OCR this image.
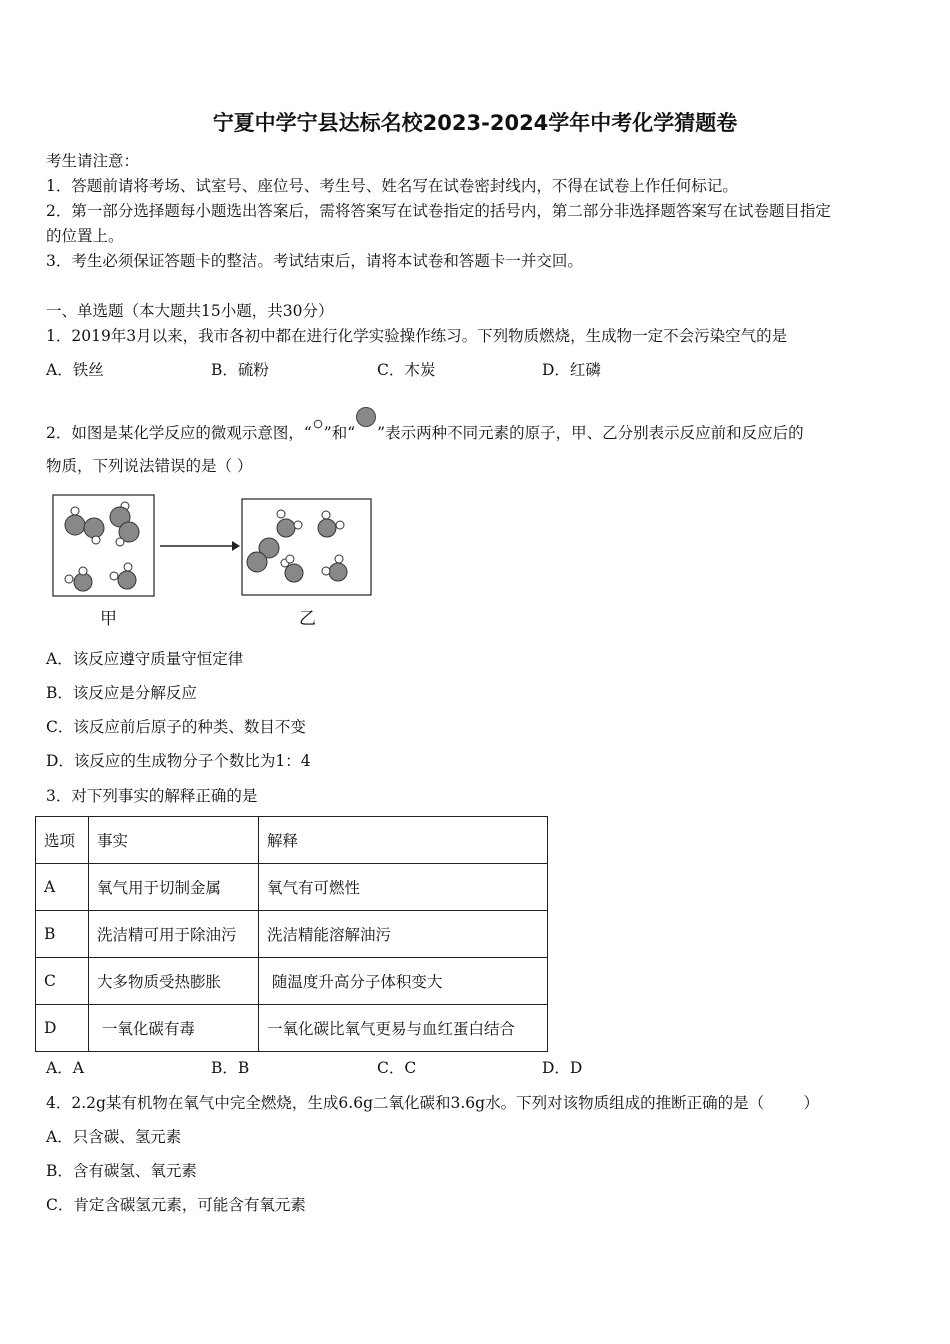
宁夏中学宁县达标名校2023-2024学年中考化学猜题卷
考生请注意：
1．答题前请将考场、试室号、座位号、考生号、姓名写在试卷密封线内，不得在试卷上作任何标记。
2．第一部分选择题每小题选出答案后，需将答案写在试卷指定的括号内，第二部分非选择题答案写在试卷题目指定
的位置上。
3．考生必须保证答题卡的整洁。考试结束后，请将本试卷和答题卡一并交回。
一、单选题（本大题共15小题，共30分）
1．2019年3月以来，我市各初中都在进行化学实验操作练习。下列物质燃烧，生成物一定不会污染空气的是
A．铁丝	B．硫粉	C．木炭	D．红磷
2．如图是某化学反应的微观示意图，“ ”和“ ”表示两种不同元素的原子，甲、乙分别表示反应前和反应后的
物质，下列说法错误的是（ ）
甲	乙
A．该反应遵守质量守恒定律
B．该反应是分解反应
C．该反应前后原子的种类、数目不变
D．该反应的生成物分子个数比为1：4
3．对下列事实的解释正确的是
选项	事实	解释
A	氧气用于切制金属	氧气有可燃性
B	洗洁精可用于除油污	洗洁精能溶解油污
C	大多物质受热膨胀	随温度升高分子体积变大
D	一氧化碳有毒	一氧化碳比氧气更易与血红蛋白结合
A．A	B．B	C．C	D．D
4．2.2g某有机物在氧气中完全燃烧，生成6.6g二氧化碳和3.6g水。下列对该物质组成的推断正确的是（        ）
A．只含碳、氢元素
B．含有碳氢、氧元素
C．肯定含碳氢元素，可能含有氧元素
